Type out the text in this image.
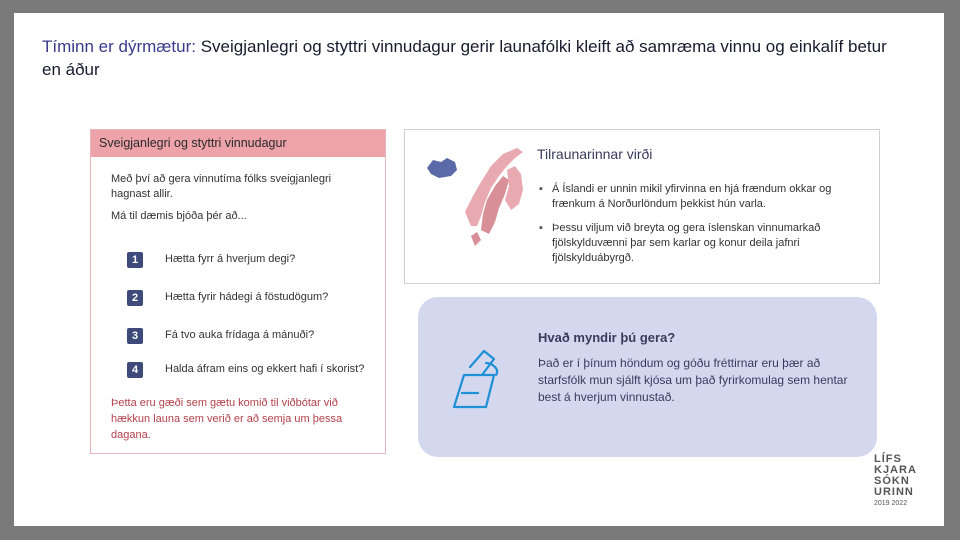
Tíminn er dýrmætur: Sveigjanlegri og styttri vinnudagur gerir launafólki kleift að samræma vinnu og einkalíf betur en áður
Sveigjanlegri og styttri vinnudagur
Með því að gera vinnutíma fólks sveigjanlegri hagnast allir.
Má til dæmis bjóða þér að...
1	Hætta fyrr á hverjum degi?
2	Hætta fyrir hádegi á föstudögum?
3	Fá tvo auka frídaga á mánuði?
4	Halda áfram eins og ekkert hafi í skorist?
Þetta eru gæði sem gætu komið til viðbótar við hækkun launa sem verið er að semja um þessa dagana.
Tilraunarinnar virði
▪ Á Íslandi er unnin mikil yfirvinna en hjá frændum okkar og frænkum á Norðurlöndum þekkist hún varla.
▪ Þessu viljum við breyta og gera íslenskan vinnumarkað fjölskylduvænni þar sem karlar og konur deila jafnri fjölskylduábyrgð.
Hvað myndir þú gera?
Það er í þínum höndum og góðu fréttirnar eru þær að starfsfólk mun sjálft kjósa um það fyrirkomulag sem hentar best á hverjum vinnustað.
LÍFS
KJARA
SÓKN
URINN
2019 2022
